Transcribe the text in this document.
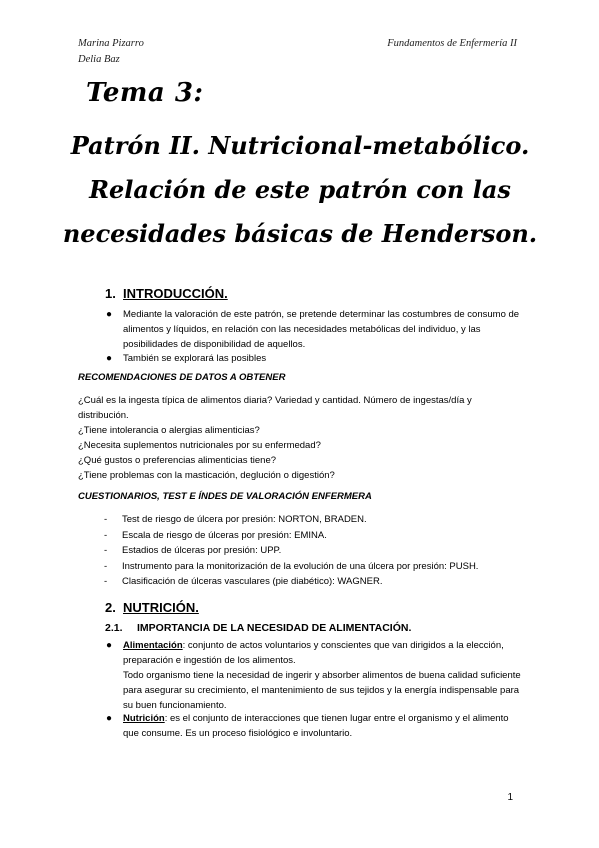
Marina Pizarro
Delia Baz
Fundamentos de Enfermería II
Tema 3:
Patrón II. Nutricional-metabólico.
Relación de este patrón con las
necesidades básicas de Henderson.
1. INTRODUCCIÓN.
● Mediante la valoración de este patrón, se pretende determinar las costumbres de consumo de alimentos y líquidos, en relación con las necesidades metabólicas del individuo, y las posibilidades de disponibilidad de aquellos.
● También se explorará las posibles
RECOMENDACIONES DE DATOS A OBTENER
¿Cuál es la ingesta típica de alimentos diaria? Variedad y cantidad. Número de ingestas/día y distribución.
¿Tiene intolerancia o alergias alimenticias?
¿Necesita suplementos nutricionales por su enfermedad?
¿Qué gustos o preferencias alimenticias tiene?
¿Tiene problemas con la masticación, deglución o digestión?
CUESTIONARIOS, TEST E ÍNDES DE VALORACIÓN ENFERMERA
- Test de riesgo de úlcera por presión: NORTON, BRADEN.
- Escala de riesgo de úlceras por presión: EMINA.
- Estadios de úlceras por presión: UPP.
- Instrumento para la monitorización de la evolución de una úlcera por presión: PUSH.
- Clasificación de úlceras vasculares (pie diabético): WAGNER.
2. NUTRICIÓN.
2.1. IMPORTANCIA DE LA NECESIDAD DE ALIMENTACIÓN.
● Alimentación: conjunto de actos voluntarios y conscientes que van dirigidos a la elección, preparación e ingestión de los alimentos.
Todo organismo tiene la necesidad de ingerir y absorber alimentos de buena calidad suficiente para asegurar su crecimiento, el mantenimiento de sus tejidos y la energía indispensable para su buen funcionamiento.
● Nutrición: es el conjunto de interacciones que tienen lugar entre el organismo y el alimento que consume. Es un proceso fisiológico e involuntario.
1
